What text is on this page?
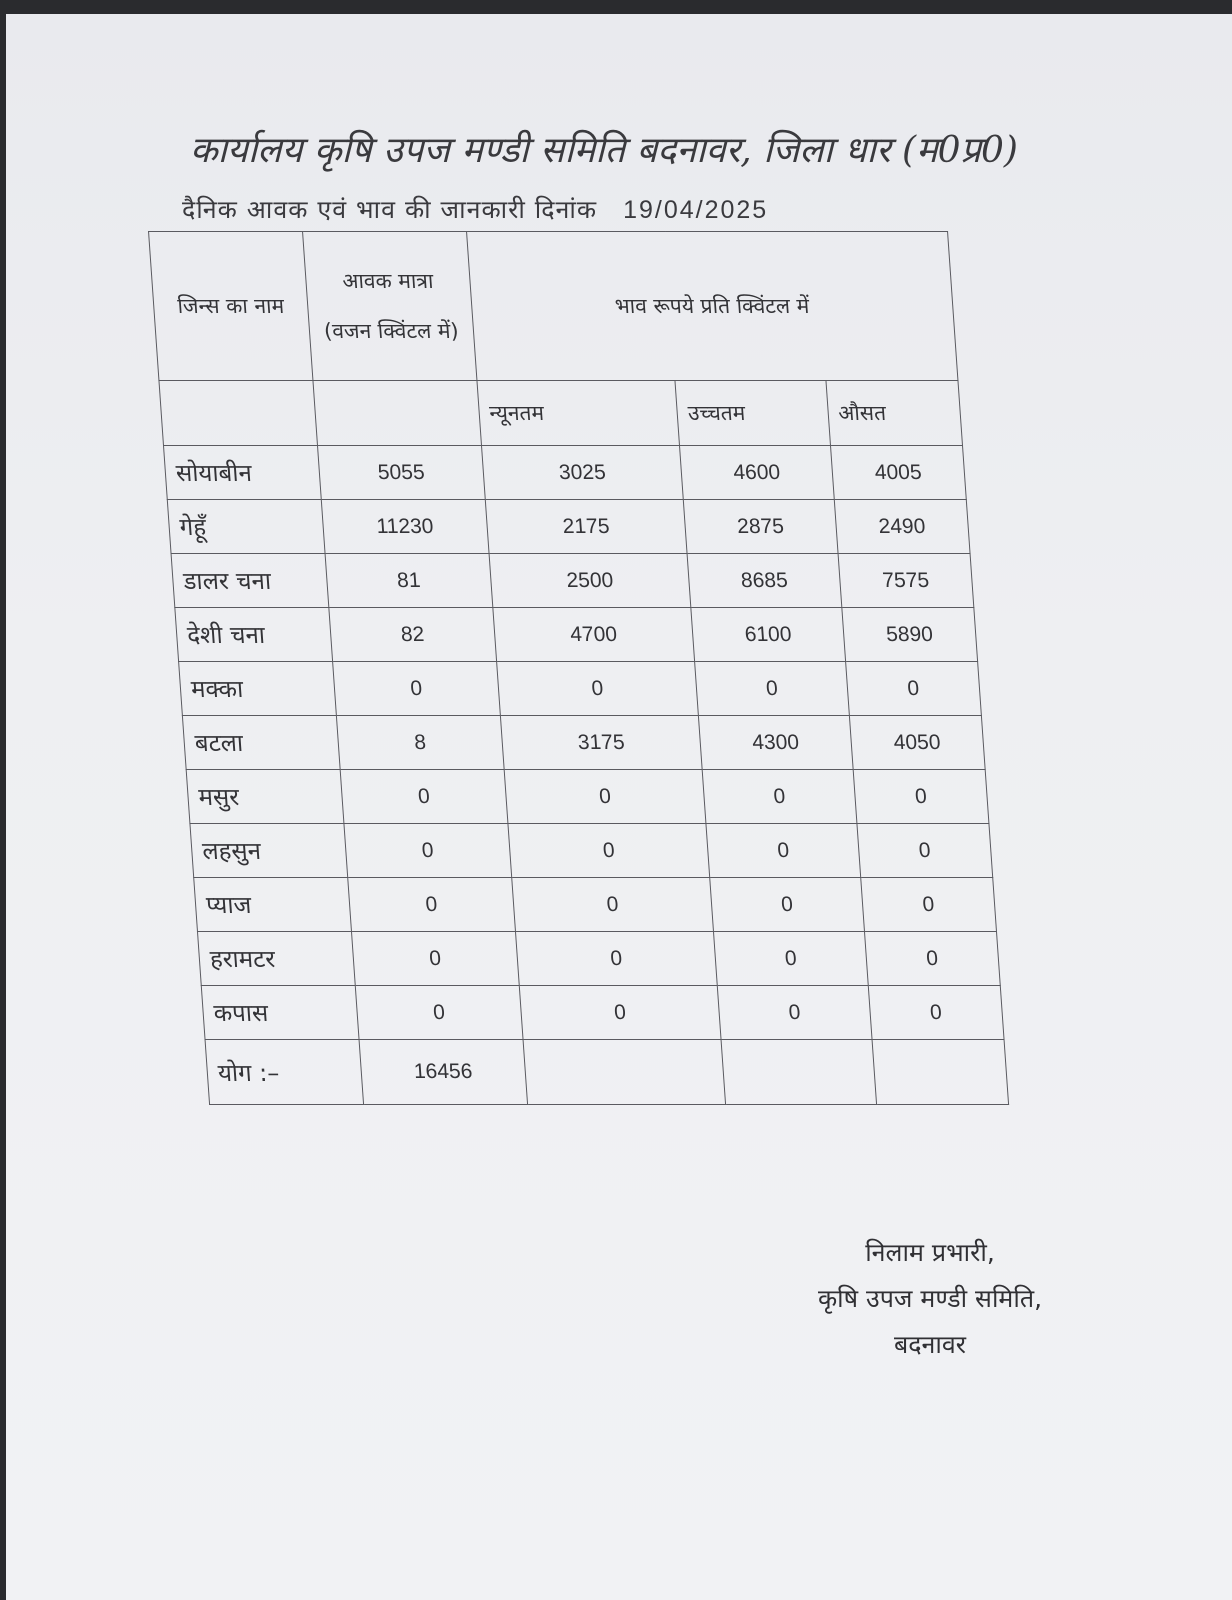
कार्यालय कृषि उपज मण्डी समिति बदनावर, जिला धार (म0प्र0)
दैनिक आवक एवं भाव की जानकारी दिनांक 19/04/2025
जिन्स का नाम	आवक मात्रा (वजन क्विंटल में)	भाव रूपये प्रति क्विंटल में		
		न्यूनतम	उच्चतम	औसत
सोयाबीन	5055	3025	4600	4005
गेहूँ	11230	2175	2875	2490
डालर चना	81	2500	8685	7575
देशी चना	82	4700	6100	5890
मक्का	0	0	0	0
बटला	8	3175	4300	4050
मसुर	0	0	0	0
लहसुन	0	0	0	0
प्याज	0	0	0	0
हरामटर	0	0	0	0
कपास	0	0	0	0
योग :–	16456			
निलाम प्रभारी,
कृषि उपज मण्डी समिति,
बदनावर
